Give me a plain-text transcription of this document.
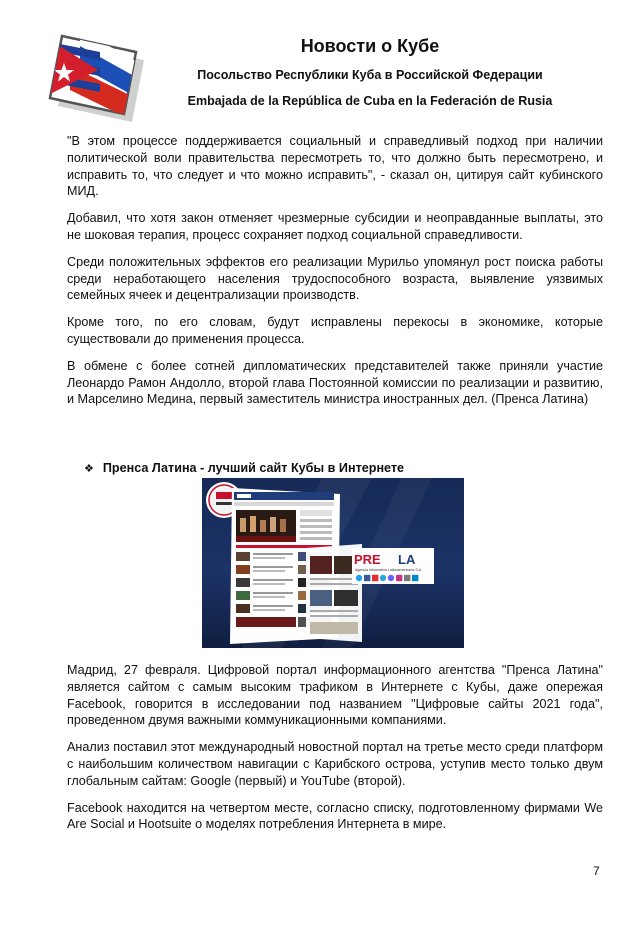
Новости о Кубе
Посольство Республики Куба в Российской Федерации
Embajada de la República de Cuba en la Federación de Rusia

"В этом процессе поддерживается социальный и справедливый подход при наличии политической воли правительства пересмотреть то, что должно быть пересмотрено, и исправить то, что следует и что можно исправить", - сказал он, цитируя сайт кубинского МИД.

Добавил, что хотя закон отменяет чрезмерные субсидии и неоправданные выплаты, это не шоковая терапия, процесс сохраняет подход социальной справедливости.

Среди положительных эффектов его реализации Мурильо упомянул рост поиска работы среди неработающего населения трудоспособного возраста, выявление уязвимых семейных ячеек и децентрализации производств.

Кроме того, по его словам, будут исправлены перекосы в экономике, которые существовали до применения процесса.

В обмене с более сотней дипломатических представителей также приняли участие Леонардо Рамон Андолло, второй глава Постоянной комиссии по реализации и развитию, и Марселино Медина, первый заместитель министра иностранных дел. (Пренса Латина)

❖ Пренса Латина - лучший сайт Кубы в Интернете
PRE LA
Agencia Informativa Latinoamericana S.A.

Мадрид, 27 февраля. Цифровой портал информационного агентства "Пренса Латина" является сайтом с самым высоким трафиком в Интернете с Кубы, даже опережая Facebook, говорится в исследовании под названием "Цифровые сайты 2021 года", проведенном двумя важными коммуникационными компаниями.

Анализ поставил этот международный новостной портал на третье место среди платформ с наибольшим количеством навигации с Карибского острова, уступив место только двум глобальным сайтам: Google (первый) и YouTube (второй).

Facebook находится на четвертом месте, согласно списку, подготовленному фирмами We Are Social и Hootsuite о моделях потребления Интернета в мире.

7
